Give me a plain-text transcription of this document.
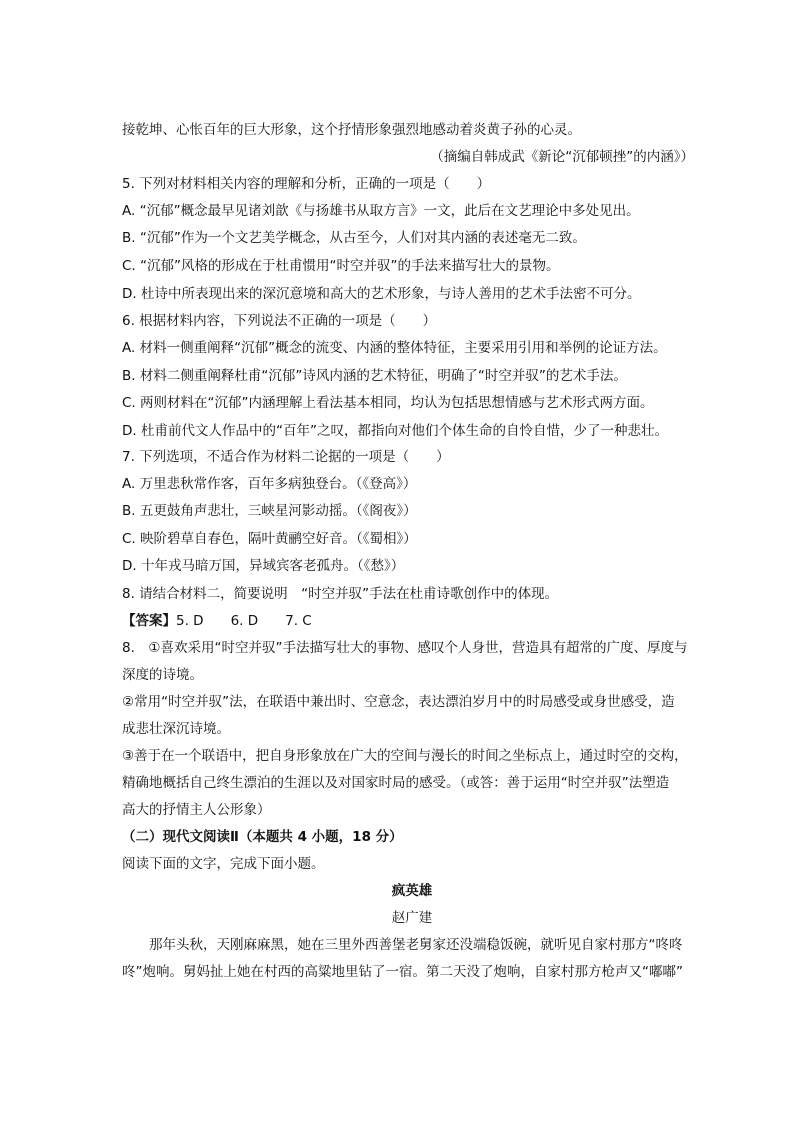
接乾坤、心怅百年的巨大形象，这个抒情形象强烈地感动着炎黄子孙的心灵。
（摘编自韩成武《新论“沉郁顿挫”的内涵》）
5. 下列对材料相关内容的理解和分析，正确的一项是（　　）
A. “沉郁”概念最早见诸刘歆《与扬雄书从取方言》一文，此后在文艺理论中多处见出。
B. “沉郁”作为一个文艺美学概念，从古至今，人们对其内涵的表述毫无二致。
C. “沉郁”风格的形成在于杜甫惯用“时空并驭”的手法来描写壮大的景物。
D. 杜诗中所表现出来的深沉意境和高大的艺术形象，与诗人善用的艺术手法密不可分。
6. 根据材料内容，下列说法不正确的一项是（　　）
A. 材料一侧重阐释“沉郁”概念的流变、内涵的整体特征，主要采用引用和举例的论证方法。
B. 材料二侧重阐释杜甫“沉郁”诗风内涵的艺术特征，明确了“时空并驭”的艺术手法。
C. 两则材料在“沉郁”内涵理解上看法基本相同，均认为包括思想情感与艺术形式两方面。
D. 杜甫前代文人作品中的“百年”之叹，都指向对他们个体生命的自怜自惜，少了一种悲壮。
7. 下列选项，不适合作为材料二论据的一项是（　　）
A. 万里悲秋常作客，百年多病独登台。（《登高》）
B. 五更鼓角声悲壮，三峡星河影动摇。（《阁夜》）
C. 映阶碧草自春色，隔叶黄鹂空好音。（《蜀相》）
D. 十年戎马暗万国，异域宾客老孤舟。（《愁》）
8. 请结合材料二，简要说明　“时空并驭”手法在杜甫诗歌创作中的体现。
【答案】5. D　　6. D　　7. C
8.　①喜欢采用“时空并驭”手法描写壮大的事物、感叹个人身世，营造具有超常的广度、厚度与
深度的诗境。
②常用“时空并驭”法，在联语中兼出时、空意念，表达漂泊岁月中的时局感受或身世感受，造
成悲壮深沉诗境。
③善于在一个联语中，把自身形象放在广大的空间与漫长的时间之坐标点上，通过时空的交构，
精确地概括自己终生漂泊的生涯以及对国家时局的感受。（或答：善于运用“时空并驭”法塑造
高大的抒情主人公形象）
（二）现代文阅读Ⅱ（本题共 4 小题，18 分）
阅读下面的文字，完成下面小题。
疯英雄
赵广建
那年头秋，天刚麻麻黑，她在三里外西善堡老舅家还没端稳饭碗，就听见自家村那方“咚咚
咚”炮响。舅妈扯上她在村西的高粱地里钻了一宿。第二天没了炮响，自家村那方枪声又“嘟嘟”
